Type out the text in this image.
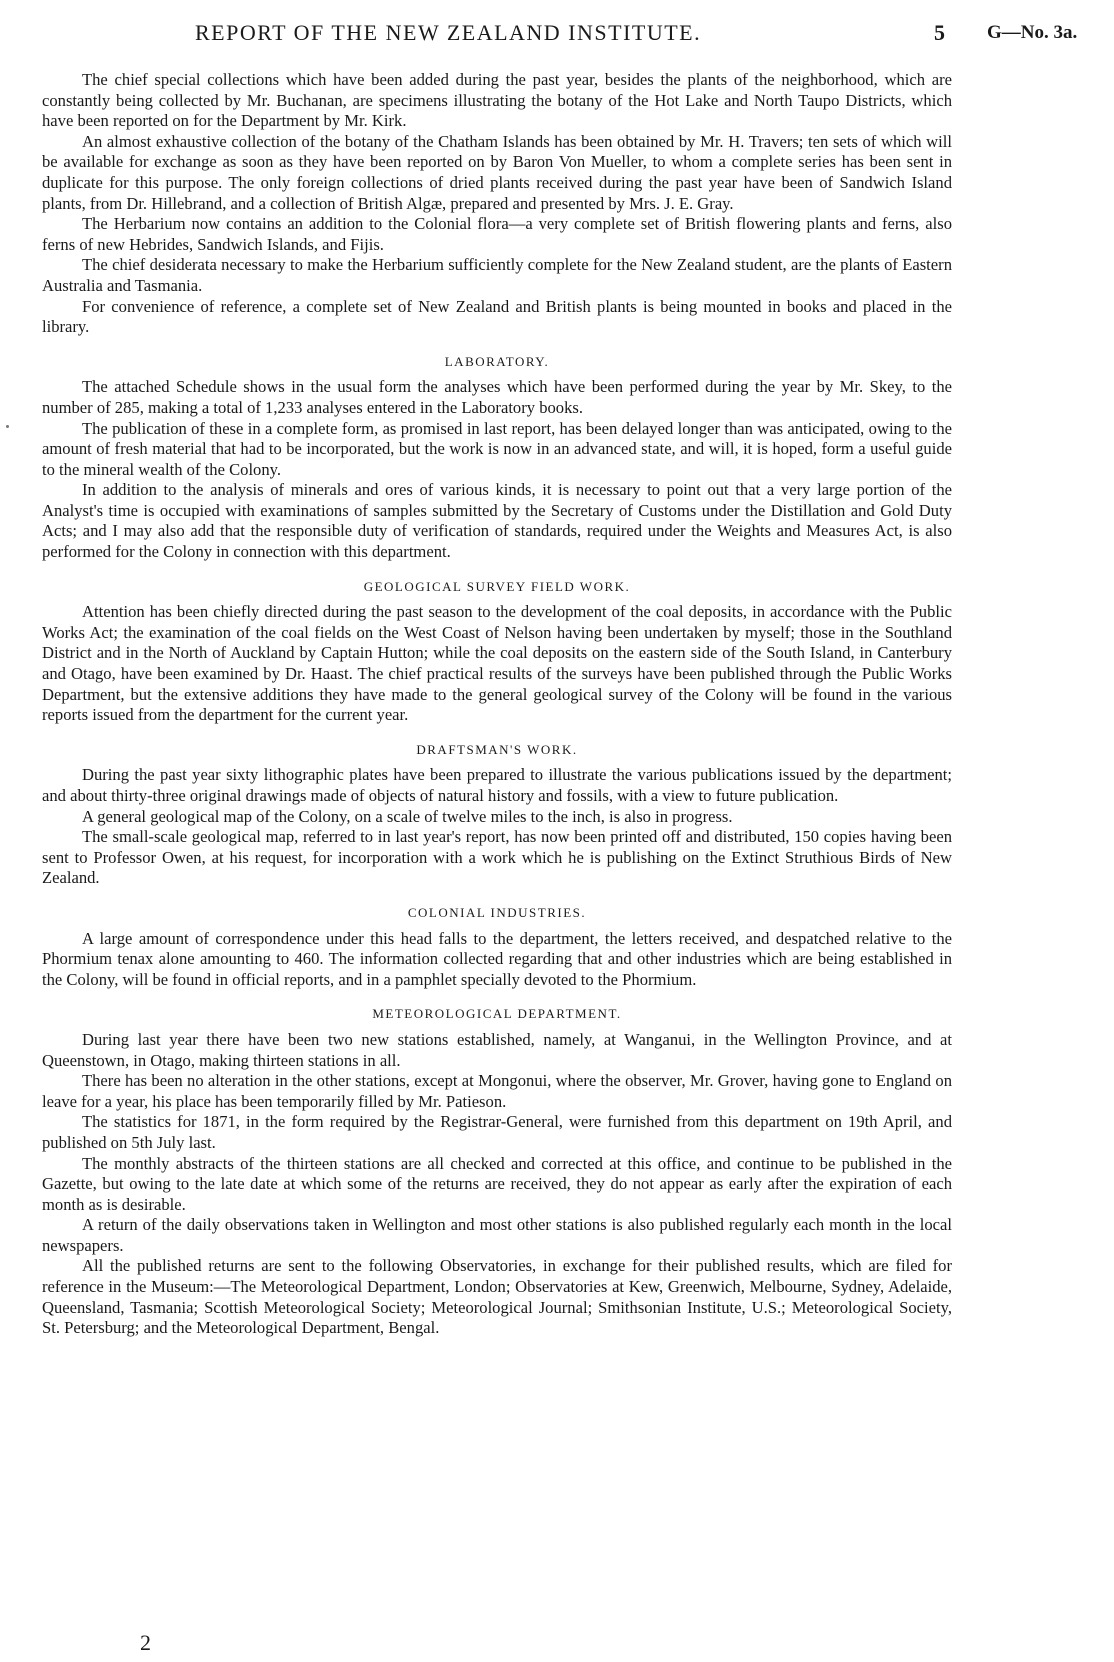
REPORT OF THE NEW ZEALAND INSTITUTE.	5 G—No. 3a.

The chief special collections which have been added during the past year, besides the plants of the neighborhood, which are constantly being collected by Mr. Buchanan, are specimens illustrating the botany of the Hot Lake and North Taupo Districts, which have been reported on for the Department by Mr. Kirk.

An almost exhaustive collection of the botany of the Chatham Islands has been obtained by Mr. H. Travers; ten sets of which will be available for exchange as soon as they have been reported on by Baron Von Mueller, to whom a complete series has been sent in duplicate for this purpose. The only foreign collections of dried plants received during the past year have been of Sandwich Island plants, from Dr. Hillebrand, and a collection of British Algæ, prepared and presented by Mrs. J. E. Gray.

The Herbarium now contains an addition to the Colonial flora—a very complete set of British flowering plants and ferns, also ferns of new Hebrides, Sandwich Islands, and Fijis.

The chief desiderata necessary to make the Herbarium sufficiently complete for the New Zealand student, are the plants of Eastern Australia and Tasmania.

For convenience of reference, a complete set of New Zealand and British plants is being mounted in books and placed in the library.

LABORATORY.

The attached Schedule shows in the usual form the analyses which have been performed during the year by Mr. Skey, to the number of 285, making a total of 1,233 analyses entered in the Laboratory books.

The publication of these in a complete form, as promised in last report, has been delayed longer than was anticipated, owing to the amount of fresh material that had to be incorporated, but the work is now in an advanced state, and will, it is hoped, form a useful guide to the mineral wealth of the Colony.

In addition to the analysis of minerals and ores of various kinds, it is necessary to point out that a very large portion of the Analyst's time is occupied with examinations of samples submitted by the Secretary of Customs under the Distillation and Gold Duty Acts; and I may also add that the responsible duty of verification of standards, required under the Weights and Measures Act, is also performed for the Colony in connection with this department.

GEOLOGICAL SURVEY FIELD WORK.

Attention has been chiefly directed during the past season to the development of the coal deposits, in accordance with the Public Works Act; the examination of the coal fields on the West Coast of Nelson having been undertaken by myself; those in the Southland District and in the North of Auckland by Captain Hutton; while the coal deposits on the eastern side of the South Island, in Canterbury and Otago, have been examined by Dr. Haast. The chief practical results of the surveys have been published through the Public Works Department, but the extensive additions they have made to the general geological survey of the Colony will be found in the various reports issued from the department for the current year.

DRAFTSMAN'S WORK.

During the past year sixty lithographic plates have been prepared to illustrate the various publications issued by the department; and about thirty-three original drawings made of objects of natural history and fossils, with a view to future publication.

A general geological map of the Colony, on a scale of twelve miles to the inch, is also in progress.

The small-scale geological map, referred to in last year's report, has now been printed off and distributed, 150 copies having been sent to Professor Owen, at his request, for incorporation with a work which he is publishing on the Extinct Struthious Birds of New Zealand.

COLONIAL INDUSTRIES.

A large amount of correspondence under this head falls to the department, the letters received, and despatched relative to the Phormium tenax alone amounting to 460. The information collected regarding that and other industries which are being established in the Colony, will be found in official reports, and in a pamphlet specially devoted to the Phormium.

METEOROLOGICAL DEPARTMENT.

During last year there have been two new stations established, namely, at Wanganui, in the Wellington Province, and at Queenstown, in Otago, making thirteen stations in all.

There has been no alteration in the other stations, except at Mongonui, where the observer, Mr. Grover, having gone to England on leave for a year, his place has been temporarily filled by Mr. Patieson.

The statistics for 1871, in the form required by the Registrar-General, were furnished from this department on 19th April, and published on 5th July last.

The monthly abstracts of the thirteen stations are all checked and corrected at this office, and continue to be published in the Gazette, but owing to the late date at which some of the returns are received, they do not appear as early after the expiration of each month as is desirable.

A return of the daily observations taken in Wellington and most other stations is also published regularly each month in the local newspapers.

All the published returns are sent to the following Observatories, in exchange for their published results, which are filed for reference in the Museum:—The Meteorological Department, London; Observatories at Kew, Greenwich, Melbourne, Sydney, Adelaide, Queensland, Tasmania; Scottish Meteorological Society; Meteorological Journal; Smithsonian Institute, U.S.; Meteorological Society, St. Petersburg; and the Meteorological Department, Bengal.

2
